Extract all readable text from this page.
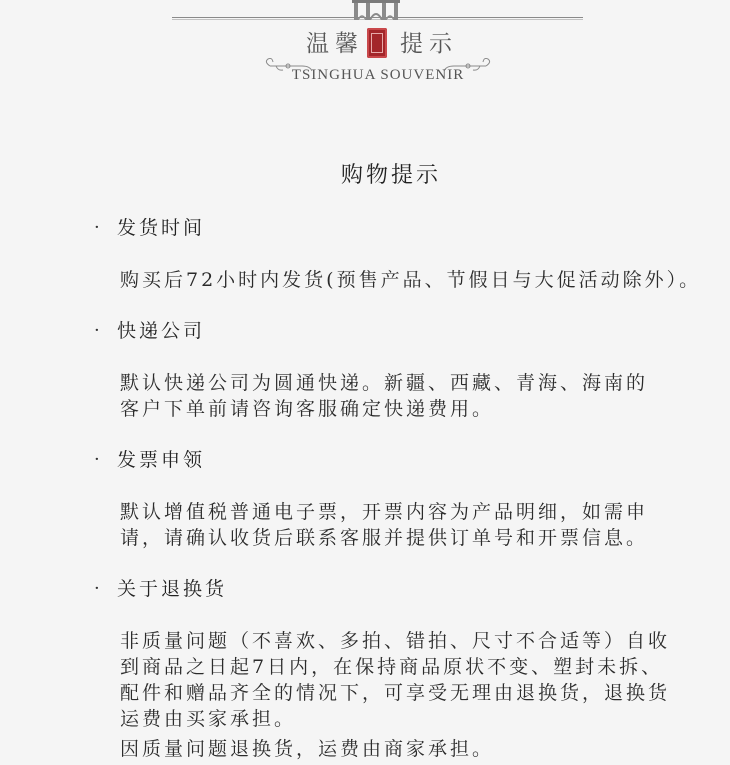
温馨 提示
TSINGHUA SOUVENIR
购物提示
· 发货时间
购买后72小时内发货(预售产品、节假日与大促活动除外）。
· 快递公司
默认快递公司为圆通快递。新疆、西藏、青海、海南的
客户下单前请咨询客服确定快递费用。
· 发票申领
默认增值税普通电子票，开票内容为产品明细，如需申
请，请确认收货后联系客服并提供订单号和开票信息。
· 关于退换货
非质量问题（不喜欢、多拍、错拍、尺寸不合适等）自收
到商品之日起7日内，在保持商品原状不变、塑封未拆、
配件和赠品齐全的情况下，可享受无理由退换货，退换货
运费由买家承担。
因质量问题退换货，运费由商家承担。
